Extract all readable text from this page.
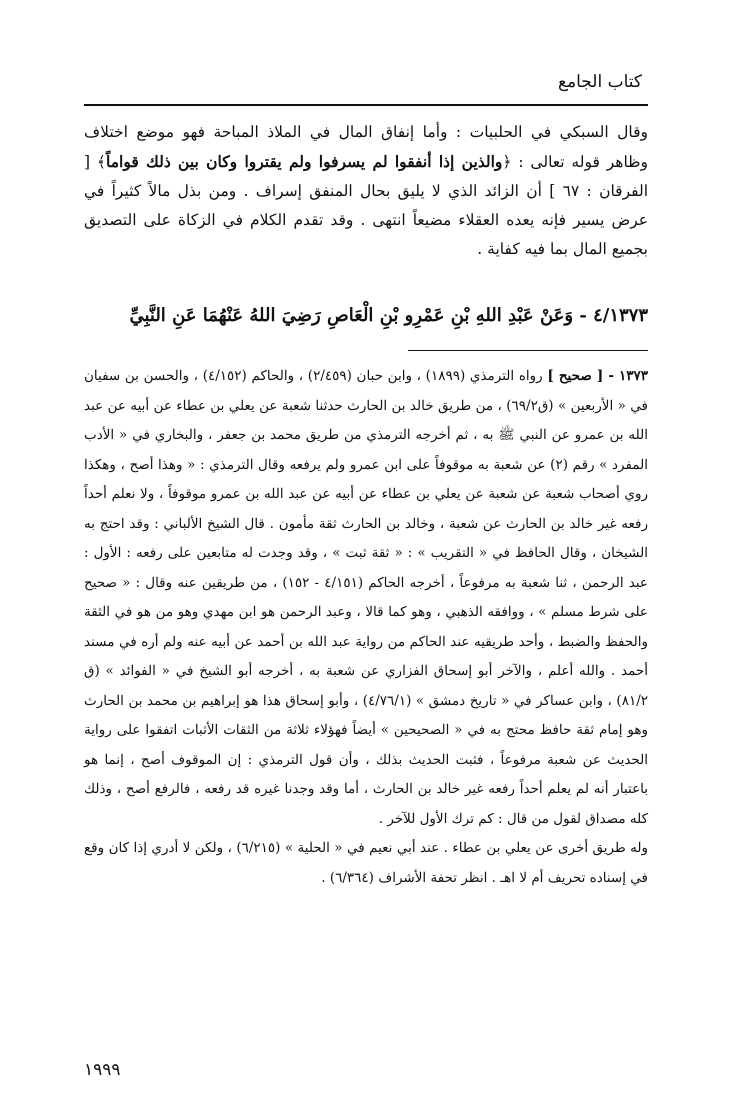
كتاب الجامع

وقال السبكي في الحلبيات : وأما إنفاق المال في الملاذ المباحة فهو موضع اختلاف وظاهر قوله تعالى : ﴿والذين إذا أنفقوا لم يسرفوا ولم يقتروا وكان بين ذلك قواماً﴾ [ الفرقان : ٦٧ ] أن الزائد الذي لا يليق بحال المنفق إسراف . ومن بذل مالاً كثيراً في عرض يسير فإنه يعده العقلاء مضيعاً انتهى . وقد تقدم الكلام في الزكاة على التصديق بجميع المال بما فيه كفاية .

٤/١٣٧٣ - وَعَنْ عَبْدِ اللهِ بْنِ عَمْرِو بْنِ الْعَاصِ رَضِيَ اللهُ عَنْهُمَا عَنِ النَّبِيِّ

١٣٧٣ - [ صحيح ] رواه الترمذي (١٨٩٩) ، وابن حبان (٢/٤٥٩) ، والحاكم (٤/١٥٢) ، والحسن بن سفيان في « الأربعين » (ق٦٩/٢) ، من طريق خالد بن الحارث حدثنا شعبة عن يعلي بن عطاء عن أبيه عن عبد الله بن عمرو عن النبي ﷺ به ، ثم أخرجه الترمذي من طريق محمد بن جعفر ، والبخاري في « الأدب المفرد » رقم (٢) عن شعبة به موقوفاً على ابن عمرو ولم يرفعه وقال الترمذي : « وهذا أصح ، وهكذا روي أصحاب شعبة عن شعبة عن يعلي بن عطاء عن أبيه عن عبد الله بن عمرو موقوفاً ، ولا نعلم أحداً رفعه غير خالد بن الحارث عن شعبة ، وخالد بن الحارث ثقة مأمون . قال الشيخ الألباني : وقد احتج به الشيخان ، وقال الحافظ في « التقريب » : « ثقة ثبت » ، وقد وجدت له متابعين على رفعه : الأول : عبد الرحمن ، ثنا شعبة به مرفوعاً ، أخرجه الحاكم (٤/١٥١ - ١٥٢) ، من طريقين عنه وقال : « صحيح على شرط مسلم » ، ووافقه الذهبي ، وهو كما قالا ، وعبد الرحمن هو ابن مهدي وهو من هو في الثقة والحفظ والضبط ، وأحد طريقيه عند الحاكم من رواية عبد الله بن أحمد عن أبيه عنه ولم أره في مسند أحمد . والله أعلم ، والآخر أبو إسحاق الفزاري عن شعبة به ، أخرجه أبو الشيخ في « الفوائد » (ق ٨١/٢) ، وابن عساكر في « تاريخ دمشق » (٤/٧٦/١) ، وأبو إسحاق هذا هو إبراهيم بن محمد بن الحارث وهو إمام ثقة حافظ محتج به في « الصحيحين » أيضاً فهؤلاء ثلاثة من الثقات الأثبات اتفقوا على رواية الحديث عن شعبة مرفوعاً ، فثبت الحديث بذلك ، وأن قول الترمذي : إن الموقوف أصح ، إنما هو باعتبار أنه لم يعلم أحداً رفعه غير خالد بن الحارث ، أما وقد وجدنا غيره قد رفعه ، فالرفع أصح ، وذلك كله مصداق لقول من قال : كم ترك الأول للآخر .

وله طريق أخرى عن يعلي بن عطاء . عند أبي نعيم في « الحلية » (٦/٢١٥) ، ولكن لا أدري إذا كان وقع في إسناده تحريف أم لا اهـ . انظر تحفة الأشراف (٦/٣٦٤) .

١٩٩٩
